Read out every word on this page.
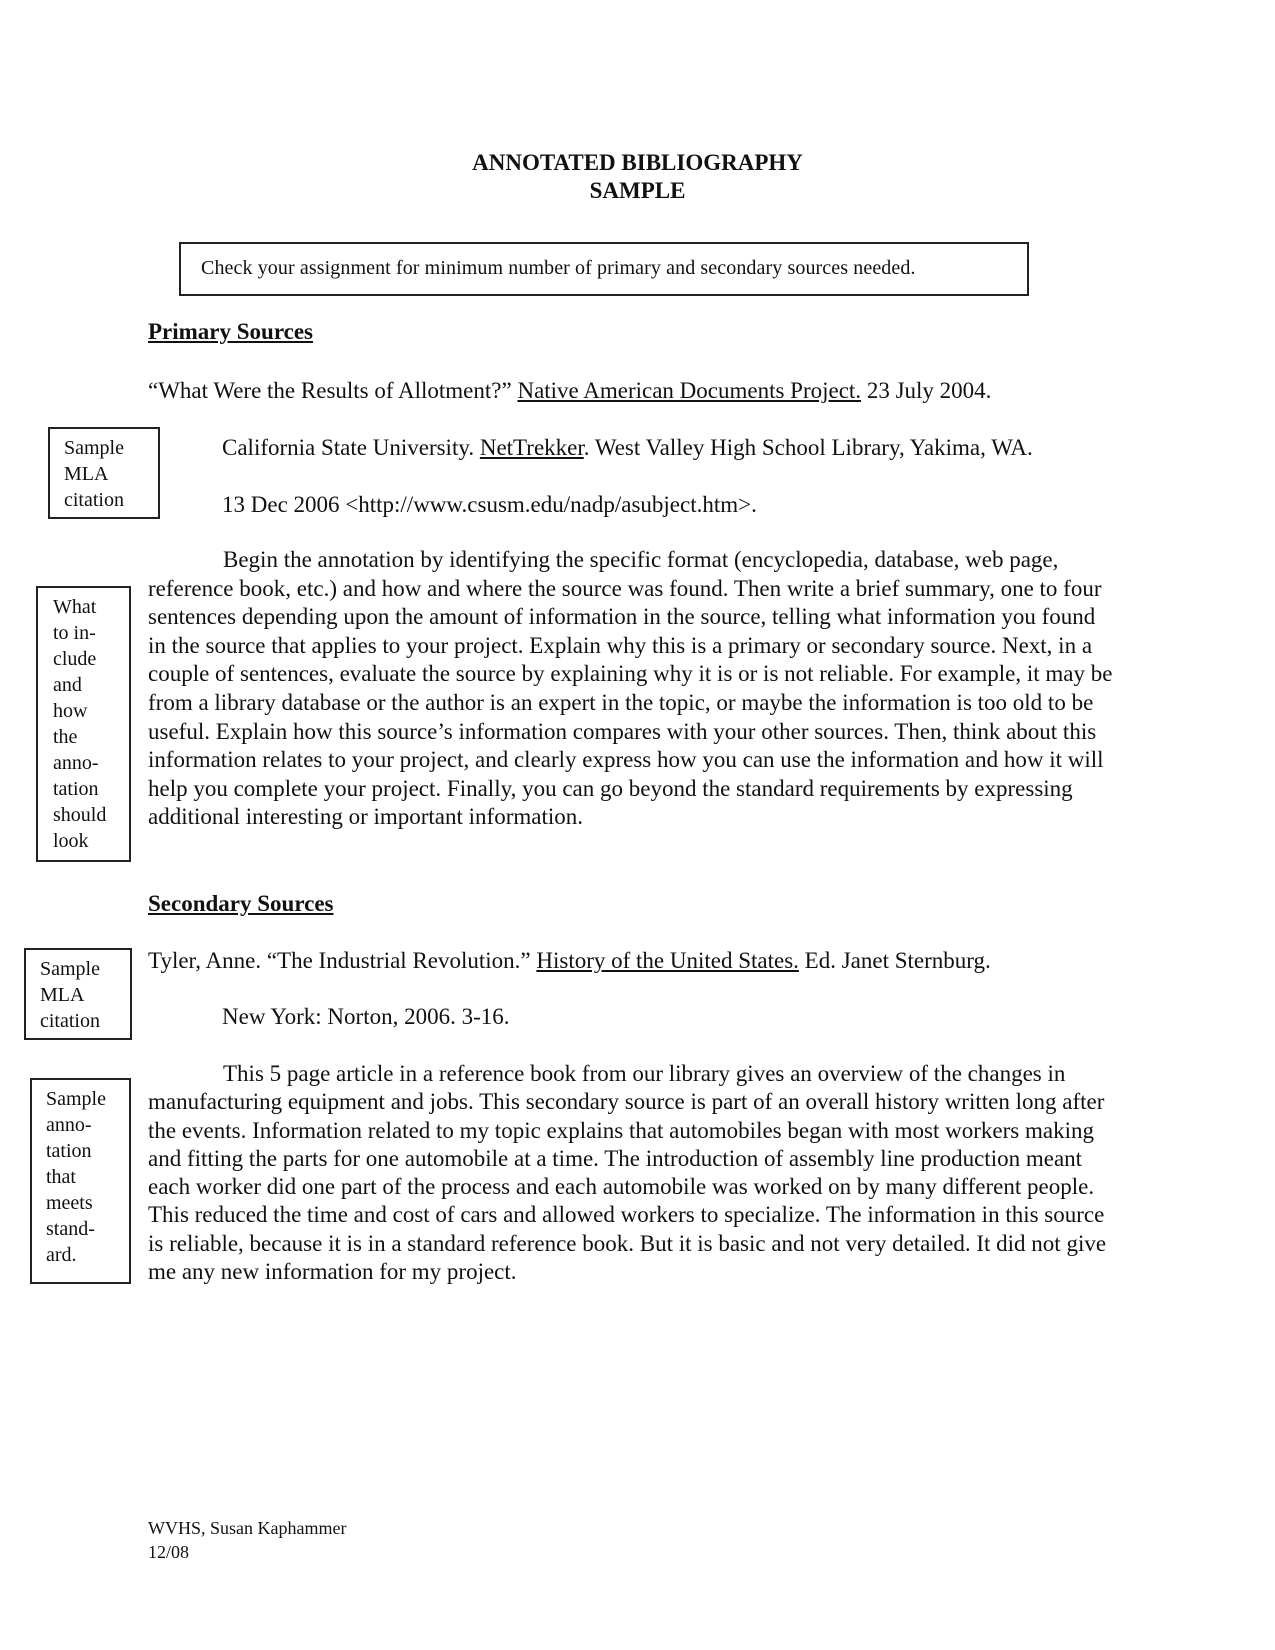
ANNOTATED BIBLIOGRAPHY
SAMPLE
Check your assignment for minimum number of primary and secondary sources needed.
Primary Sources
“What Were the Results of Allotment?” Native American Documents Project. 23 July 2004.
California State University. NetTrekker. West Valley High School Library, Yakima, WA.
13 Dec 2006 <http://www.csusm.edu/nadp/asubject.htm>.
Begin the annotation by identifying the specific format (encyclopedia, database, web page, reference book, etc.) and how and where the source was found. Then write a brief summary, one to four sentences depending upon the amount of information in the source, telling what information you found in the source that applies to your project. Explain why this is a primary or secondary source. Next, in a couple of sentences, evaluate the source by explaining why it is or is not reliable. For example, it may be from a library database or the author is an expert in the topic, or maybe the information is too old to be useful. Explain how this source’s information compares with your other sources. Then, think about this information relates to your project, and clearly express how you can use the information and how it will help you complete your project. Finally, you can go beyond the standard requirements by expressing additional interesting or important information.
Secondary Sources
Tyler, Anne. “The Industrial Revolution.” History of the United States. Ed. Janet Sternburg.
New York: Norton, 2006. 3-16.
This 5 page article in a reference book from our library gives an overview of the changes in manufacturing equipment and jobs. This secondary source is part of an overall history written long after the events. Information related to my topic explains that automobiles began with most workers making and fitting the parts for one automobile at a time. The introduction of assembly line production meant each worker did one part of the process and each automobile was worked on by many different people. This reduced the time and cost of cars and allowed workers to specialize. The information in this source is reliable, because it is in a standard reference book. But it is basic and not very detailed. It did not give me any new information for my project.
Sample
MLA
citation
What
to in-
clude
and
how
the
anno-
tation
should
look
Sample
MLA
citation
Sample
anno-
tation
that
meets
stand-
ard.
WVHS, Susan Kaphammer
12/08
